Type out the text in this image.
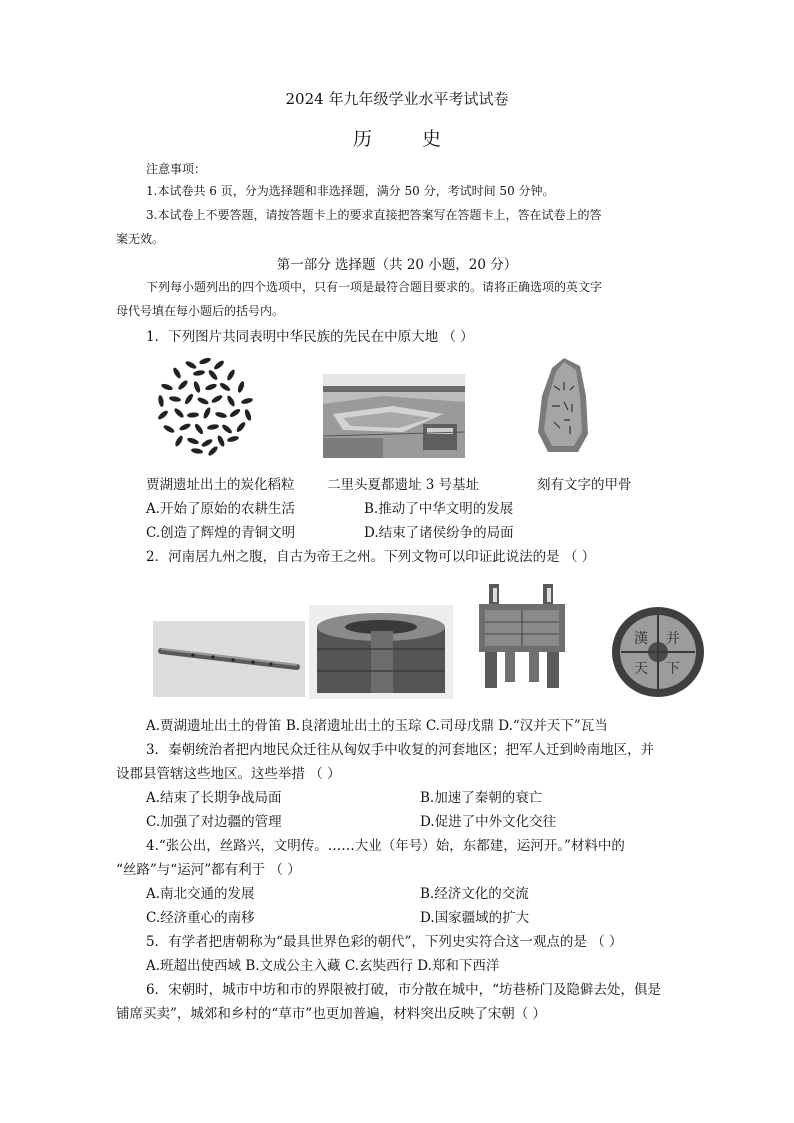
2024 年九年级学业水平考试试卷
历 史
注意事项：
1.本试卷共 6 页，分为选择题和非选择题，满分 50 分，考试时间 50 分钟。
3.本试卷上不要答题，请按答题卡上的要求直接把答案写在答题卡上，答在试卷上的答
案无效。
第一部分 选择题（共 20 小题，20 分）
下列每小题列出的四个选项中，只有一项是最符合题目要求的。请将正确选项的英文字
母代号填在每小题后的括号内。
1．下列图片共同表明中华民族的先民在中原大地 （ ）
贾湖遗址出土的炭化稻粒 二里头夏都遗址 3 号基址	刻有文字的甲骨
A.开始了原始的农耕生活	B.推动了中华文明的发展
C.创造了辉煌的青铜文明	D.结束了诸侯纷争的局面
2．河南居九州之腹，自古为帝王之州。下列文物可以印证此说法的是 （ ）
漢 并
天 下
A.贾湖遗址出土的骨笛 B.良渚遗址出土的玉琮 C.司母戊鼎 D.“汉并天下”瓦当
3．秦朝统治者把内地民众迁往从匈奴手中收复的河套地区；把军人迁到岭南地区，并
设郡县管辖这些地区。这些举措 （ ）
A.结束了长期争战局面	B.加速了秦朝的衰亡
C.加强了对边疆的管理	D.促进了中外文化交往
4.“张公出，丝路兴，文明传。……大业（年号）始，东都建，运河开。”材料中的
“丝路”与“运河”都有利于 （ ）
A.南北交通的发展	B.经济文化的交流
C.经济重心的南移	D.国家疆域的扩大
5．有学者把唐朝称为“最具世界色彩的朝代”，下列史实符合这一观点的是 （ ）
A.班超出使西域 B.文成公主入藏 C.玄奘西行 D.郑和下西洋
6．宋朝时，城市中坊和市的界限被打破，市分散在城中，“坊巷桥门及隐僻去处，俱是
铺席买卖”，城郊和乡村的“草市”也更加普遍，材料突出反映了宋朝（ ）
